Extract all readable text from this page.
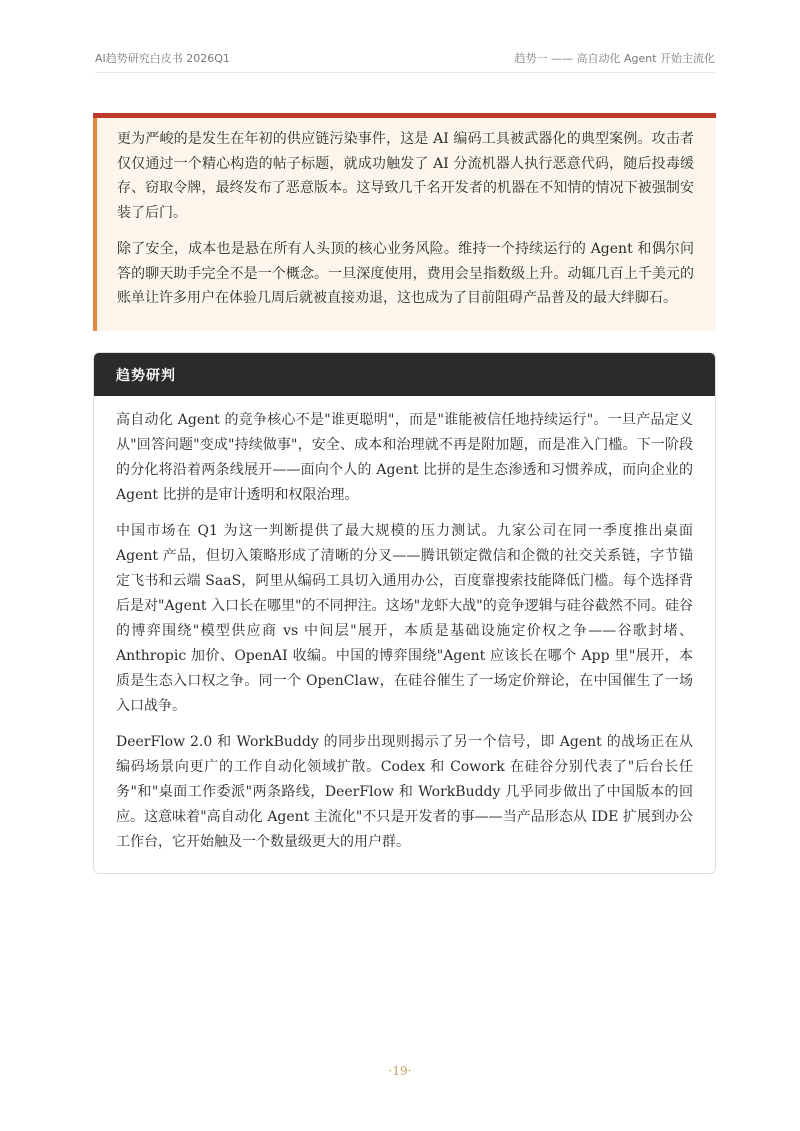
AI趋势研究白皮书 2026Q1	趋势一 —— 高自动化 Agent 开始主流化

更为严峻的是发生在年初的供应链污染事件，这是 AI 编码工具被武器化的典型案例。攻击者仅仅通过一个精心构造的帖子标题，就成功触发了 AI 分流机器人执行恶意代码，随后投毒缓存、窃取令牌，最终发布了恶意版本。这导致几千名开发者的机器在不知情的情况下被强制安装了后门。

除了安全，成本也是悬在所有人头顶的核心业务风险。维持一个持续运行的 Agent 和偶尔问答的聊天助手完全不是一个概念。一旦深度使用，费用会呈指数级上升。动辄几百上千美元的账单让许多用户在体验几周后就被直接劝退，这也成为了目前阻碍产品普及的最大绊脚石。

趋势研判

高自动化 Agent 的竞争核心不是"谁更聪明"，而是"谁能被信任地持续运行"。一旦产品定义从"回答问题"变成"持续做事"，安全、成本和治理就不再是附加题，而是准入门槛。下一阶段的分化将沿着两条线展开——面向个人的 Agent 比拼的是生态渗透和习惯养成，而向企业的 Agent 比拼的是审计透明和权限治理。

中国市场在 Q1 为这一判断提供了最大规模的压力测试。九家公司在同一季度推出桌面 Agent 产品，但切入策略形成了清晰的分叉——腾讯锁定微信和企微的社交关系链，字节锚定飞书和云端 SaaS，阿里从编码工具切入通用办公，百度靠搜索技能降低门槛。每个选择背后是对"Agent 入口长在哪里"的不同押注。这场"龙虾大战"的竞争逻辑与硅谷截然不同。硅谷的博弈围绕"模型供应商 vs 中间层"展开，本质是基础设施定价权之争——谷歌封堵、Anthropic 加价、OpenAI 收编。中国的博弈围绕"Agent 应该长在哪个 App 里"展开，本质是生态入口权之争。同一个 OpenClaw，在硅谷催生了一场定价辩论，在中国催生了一场入口战争。

DeerFlow 2.0 和 WorkBuddy 的同步出现则揭示了另一个信号，即 Agent 的战场正在从编码场景向更广的工作自动化领域扩散。Codex 和 Cowork 在硅谷分别代表了"后台长任务"和"桌面工作委派"两条路线，DeerFlow 和 WorkBuddy 几乎同步做出了中国版本的回应。这意味着"高自动化 Agent 主流化"不只是开发者的事——当产品形态从 IDE 扩展到办公工作台，它开始触及一个数量级更大的用户群。

·19·
